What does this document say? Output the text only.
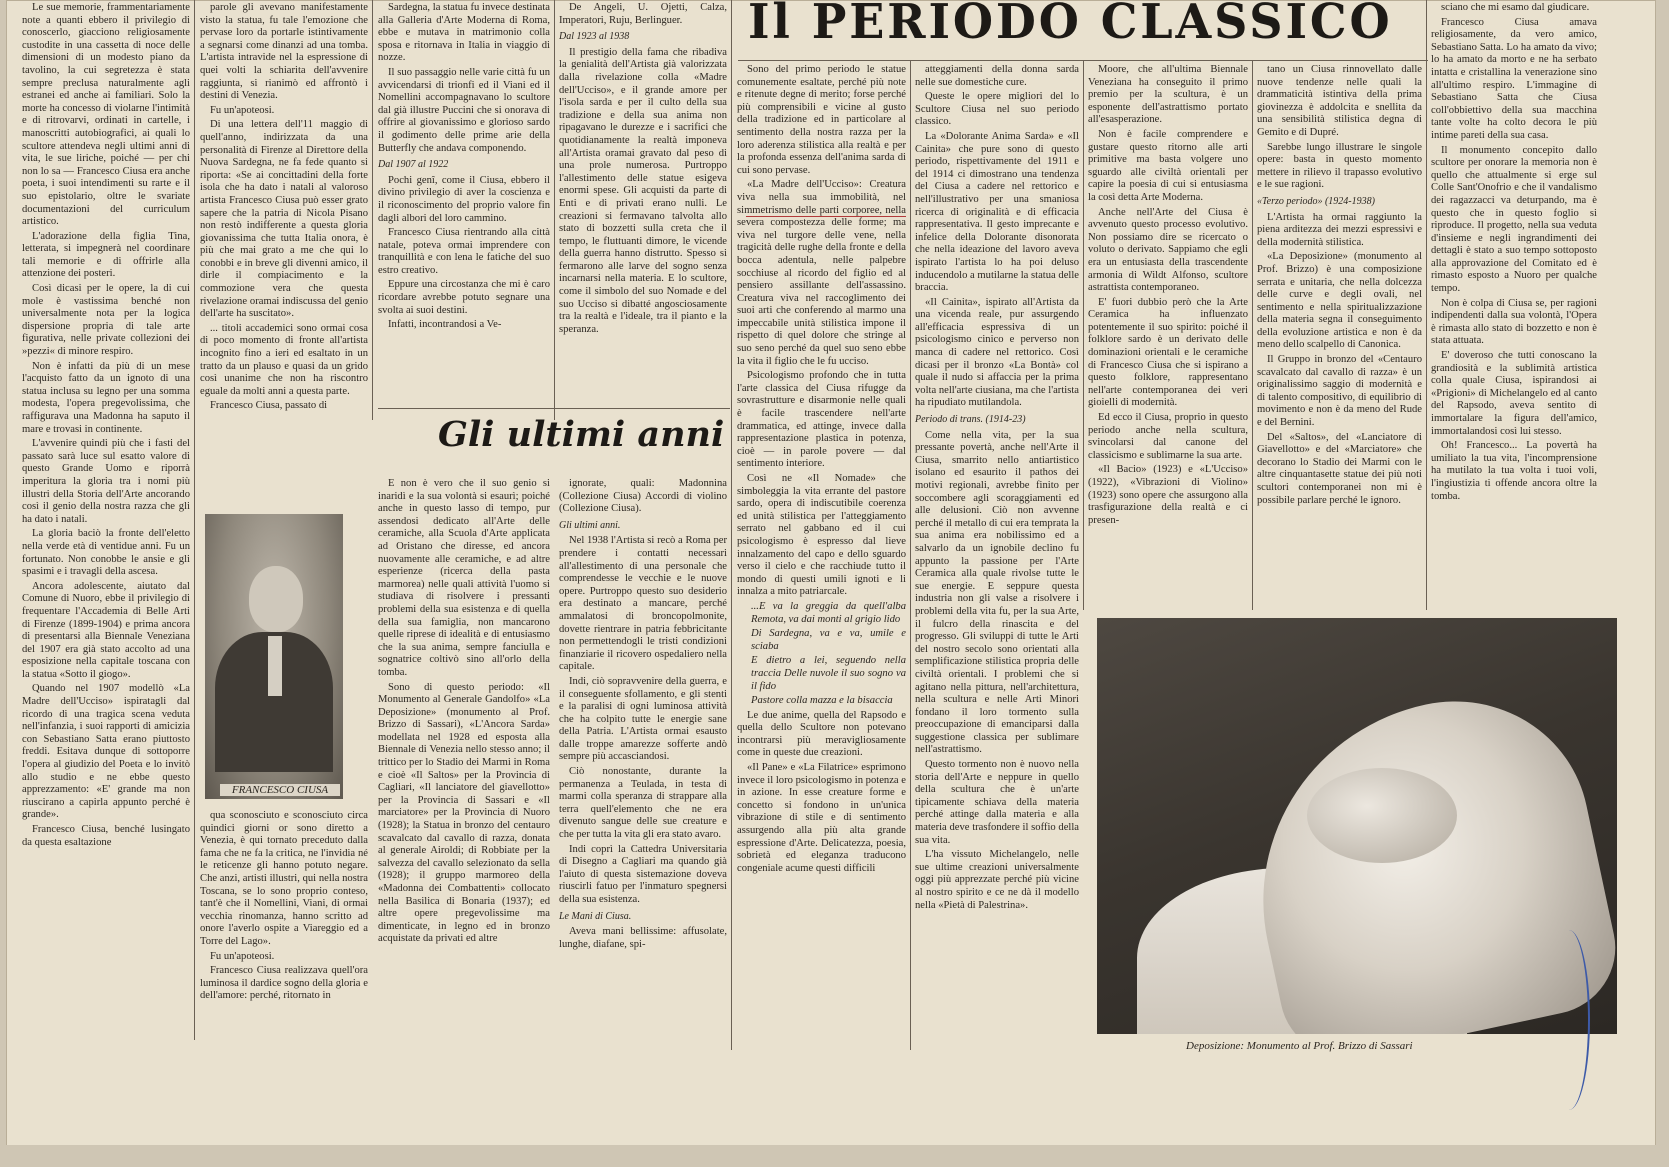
Il PERIODO CLASSICO

Le sue memorie, frammentariamente note a quanti ebbero il privilegio di conoscerlo, giacciono religiosamente custodite in una cassetta di noce delle dimensioni di un modesto piano da tavolino, la cui segretezza è stata sempre preclusa naturalmente agli estranei ed anche ai familiari. Solo la morte ha concesso di violarne l'intimità e di ritrovarvi, ordinati in cartelle, i manoscritti autobiografici, ai quali lo scultore attendeva negli ultimi anni di vita, le sue liriche, poiché — per chi non lo sa — Francesco Ciusa era anche poeta, i suoi intendimenti su rarte e il suo epistolario, oltre le svariate documentazioni del curriculum artistico.

L'adorazione della figlia Tina, letterata, si impegnerà nel coordinare tali memorie e di offrirle alla attenzione dei posteri.

Così dicasi per le opere, la di cui mole è vastissima benché non universalmente nota per la logica dispersione propria di tale arte figurativa, nelle private collezioni dei »pezzi« di minore respiro.

Non è infatti da più di un mese l'acquisto fatto da un ignoto di una statua inclusa su legno per una somma modesta, l'opera pregevolissima, che raffigurava una Madonna ha saputo il mare e trovasi in continente.

L'avvenire quindi più che i fasti del passato sarà luce sul esatto valore di questo Grande Uomo e riporrà imperitura la gloria tra i nomi più illustri della Storia dell'Arte ancorando così il genio della nostra razza che gli ha dato i natali.

La gloria baciò la fronte dell'eletto nella verde età di ventidue anni. Fu un fortunato. Non conobbe le ansie e gli spasimi e i travagli della ascesa.

Ancora adolescente, aiutato dal Comune di Nuoro, ebbe il privilegio di frequentare l'Accademia di Belle Arti di Firenze (1899-1904) e prima ancora di presentarsi alla Biennale Veneziana del 1907 era già stato accolto ad una esposizione nella capitale toscana con la statua «Sotto il giogo».

Quando nel 1907 modellò «La Madre dell'Ucciso» ispiratagli dal ricordo di una tragica scena veduta nell'infanzia, i suoi rapporti di amicizia con Sebastiano Satta erano piuttosto freddi. Esitava dunque di sottoporre l'opera al giudizio del Poeta e lo invitò allo studio e ne ebbe questo apprezzamento: «E' grande ma non riuscirano a capirla appunto perché è grande».

Francesco Ciusa, benché lusingato da questa esaltazione

parole gli avevano manifestamente visto la statua, fu tale l'emozione che pervase loro da portarle istintivamente a segnarsi come dinanzi ad una tomba. L'artista intravide nel la espressione di quei volti la schiarita dell'avvenire raggiunta, si rianimò ed affrontò i destini di Venezia.

Fu un'apoteosi.

Di una lettera dell'11 maggio di quell'anno, indirizzata da una personalità di Firenze al Direttore della Nuova Sardegna, ne fa fede quanto si riporta: «Se ai concittadini della forte isola che ha dato i natali al valoroso artista Francesco Ciusa può esser grato sapere che la patria di Nicola Pisano non restò indifferente a questa gloria giovanissima che tutta Italia onora, è più che mai grato a me che qui lo conobbi e in breve gli divenni amico, il dirle il compiacimento e la commozione vera che questa rivelazione oramai indiscussa del genio dell'arte ha suscitato».

... titoli accademici sono ormai cosa di poco momento di fronte all'artista incognito fino a ieri ed esaltato in un tratto da un plauso e quasi da un grido così unanime che non ha riscontro eguale da molti anni a questa parte.

Francesco Ciusa, passato di

FRANCESCO CIUSA

qua sconosciuto e sconosciuto circa quindici giorni or sono diretto a Venezia, è qui tornato preceduto dalla fama che ne fa la critica, ne l'invidia né le reticenze gli hanno potuto negare. Che anzi, artisti illustri, qui nella nostra Toscana, se lo sono proprio conteso, tant'è che il Nomellini, Viani, di ormai vecchia rinomanza, hanno scritto ad onore l'averlo ospite a Viareggio ed a Torre del Lago».

Fu un'apoteosi.

Francesco Ciusa realizzava quell'ora luminosa il dardice sogno della gloria e dell'amore: perché, ritornato in

Sardegna, la statua fu invece destinata alla Galleria d'Arte Moderna di Roma, ebbe e mutava in matrimonio colla sposa e ritornava in Italia in viaggio di nozze.

Il suo passaggio nelle varie città fu un avvicendarsi di trionfi ed il Viani ed il Nomellini accompagnavano lo scultore dal già illustre Puccini che si onorava di offrire al giovanissimo e glorioso sardo il godimento delle prime arie della Butterfly che andava componendo.

Dal 1907 al 1922

Pochi genî, come il Ciusa, ebbero il divino privilegio di aver la coscienza e il riconoscimento del proprio valore fin dagli albori del loro cammino.

Francesco Ciusa rientrando alla città natale, poteva ormai imprendere con tranquillità e con lena le fatiche del suo estro creativo.

Eppure una circostanza che mi è caro ricordare avrebbe potuto segnare una svolta ai suoi destini.

Infatti, incontrandosi a Ve-

De Angeli, U. Ojetti, Calza, Imperatori, Ruju, Berlinguer.

Dal 1923 al 1938

Il prestigio della fama che ribadiva la genialità dell'Artista già valorizzata dalla rivelazione colla «Madre dell'Ucciso», e il grande amore per l'isola sarda e per il culto della sua tradizione e della sua anima non ripagavano le durezze e i sacrifici che quotidianamente la realtà imponeva all'Artista oramai gravato dal peso di una prole numerosa. Purtroppo l'allestimento delle statue esigeva enormi spese. Gli acquisti da parte di Enti e di privati erano nulli. Le creazioni si fermavano talvolta allo stato di bozzetti sulla creta che il tempo, le fluttuanti dimore, le vicende della guerra hanno distrutto. Spesso si fermarono alle larve del sogno senza incarnarsi nella materia. E lo scultore, come il simbolo del suo Nomade e del suo Ucciso si dibatté angosciosamente tra la realtà e l'ideale, tra il pianto e la speranza.

Gli ultimi anni

E non è vero che il suo genio si inaridì e la sua volontà si esaurì; poiché anche in questo lasso di tempo, pur assendosi dedicato all'Arte delle ceramiche, alla Scuola d'Arte applicata ad Oristano che diresse, ed ancora nuovamente alle ceramiche, e ad altre esperienze (ricerca della pasta marmorea) nelle quali attività l'uomo si studiava di risolvere i pressanti problemi della sua esistenza e di quella della sua famiglia, non mancarono quelle riprese di idealità e di entusiasmo che la sua anima, sempre fanciulla e sognatrice coltivò sino all'orlo della tomba.

Sono di questo periodo: «Il Monumento al Generale Gandolfo» «La Deposizione» (monumento al Prof. Brizzo di Sassari), «L'Ancora Sarda» modellata nel 1928 ed esposta alla Biennale di Venezia nello stesso anno; il trittico per lo Stadio dei Marmi in Roma e cioè «Il Saltos» per la Provincia di Cagliari, «Il lanciatore del giavellotto» per la Provincia di Sassari e «Il marciatore» per la Provincia di Nuoro (1928); la Statua in bronzo del centauro scavalcato dal cavallo di razza, donata al generale Airoldi; di Robbiate per la salvezza del cavallo selezionato da sella (1928); il gruppo marmoreo della «Madonna dei Combattenti» collocato nella Basilica di Bonaria (1937); ed altre opere pregevolissime ma dimenticate, in legno ed in bronzo acquistate da privati ed altre

ignorate, quali: Madonnina (Collezione Ciusa) Accordi di violino (Collezione Ciusa).

Gli ultimi anni.

Nel 1938 l'Artista si recò a Roma per prendere i contatti necessari all'allestimento di una personale che comprendesse le vecchie e le nuove opere. Purtroppo questo suo desiderio era destinato a mancare, perché ammalatosi di broncopolmonite, dovette rientrare in patria febbricitante non permettendogli le tristi condizioni finanziarie il ricovero ospedaliero nella capitale.

Indi, ciò sopravvenire della guerra, e il conseguente sfollamento, e gli stenti e la paralisi di ogni luminosa attività che ha colpito tutte le energie sane della Patria. L'Artista ormai esausto dalle troppe amarezze sofferte andò sempre più accasciandosi.

Ciò nonostante, durante la permanenza a Teulada, in testa di marmi colla speranza di strappare alla terra quell'elemento che ne era divenuto sangue delle sue creature e che per tutta la vita gli era stato avaro.

Indi coprì la Cattedra Universitaria di Disegno a Cagliari ma quando già l'aiuto di questa sistemazione doveva riuscirli fatuo per l'inmaturo spegnersi della sua esistenza.

Le Mani di Ciusa.

Aveva mani bellissime: affusolate, lunghe, diafane, spi-

Sono del primo periodo le statue comunemente esaltate, perché più note e ritenute degne di merito; forse perché più comprensibili e vicine al gusto della tradizione ed in particolare al sentimento della nostra razza per la loro aderenza stilistica alla realtà e per la profonda essenza dell'anima sarda di cui sono pervase.

«La Madre dell'Ucciso»: Creatura viva nella sua immobilità, nel simmetrismo delle parti corporee, nella severa compostezza delle forme; ma viva nel turgore delle vene, nella tragicità delle rughe della fronte e della bocca adentula, nelle palpebre socchiuse al ricordo del figlio ed al pensiero assillante dell'assassino. Creatura viva nel raccoglimento dei suoi arti che conferendo al marmo una impeccabile unità stilistica impone il rispetto di quel dolore che stringe al suo seno perché da quel suo seno ebbe la vita il figlio che le fu ucciso.

Psicologismo profondo che in tutta l'arte classica del Ciusa rifugge da sovrastrutture e disarmonie nelle quali è facile trascendere nell'arte drammatica, ed attinge, invece dalla rappresentazione plastica in potenza, cioè — in parole povere — dal sentimento interiore.

Così ne «Il Nomade» che simboleggia la vita errante del pastore sardo, opera di indiscutibile coerenza ed unità stilistica per l'atteggiamento serrato nel gabbano ed il cui psicologismo è espresso dal lieve innalzamento del capo e dello sguardo verso il cielo e che racchiude tutto il mondo di questi umili ignoti e li innalza a mito patriarcale.

...E va la greggia da quell'alba Remota, va dai monti al grigio lido

Di Sardegna, va e va, umile e sciaba

E dietro a lei, seguendo nella traccia Delle nuvole il suo sogno va il fido

Pastore colla mazza e la bisaccia

Le due anime, quella del Rapsodo e quella dello Scultore non potevano incontrarsi più meravigliosamente come in queste due creazioni.

«Il Pane» e «La Filatrice» esprimono invece il loro psicologismo in potenza e in azione. In esse creature forme e concetto si fondono in un'unica vibrazione di stile e di sentimento assurgendo alla più alta grande espressione d'Arte. Delicatezza, poesia, sobrietà ed eleganza traducono congeniale acume questi difficili

atteggiamenti della donna sarda nelle sue domestiche cure.

Queste le opere migliori del lo Scultore Ciusa nel suo periodo classico.

La «Dolorante Anima Sarda» e «Il Cainita» che pure sono di questo periodo, rispettivamente del 1911 e del 1914 ci dimostrano una tendenza del Ciusa a cadere nel rettorico e nell'illustrativo per una smaniosa ricerca di originalità e di efficacia rappresentativa. Il gesto imprecante e infelice della Dolorante disonorata che nella ideazione del lavoro aveva ispirato l'artista lo ha poi deluso inducendolo a mutilarne la statua delle braccia.

«Il Cainita», ispirato all'Artista da una vicenda reale, pur assurgendo all'efficacia espressiva di un psicologismo cinico e perverso non manca di cadere nel rettorico. Così dicasi per il bronzo «La Bontà» col quale il nudo si affaccia per la prima volta nell'arte ciusiana, ma che l'artista ha ripudiato mutilandola.

Periodo di trans. (1914-23)

Come nella vita, per la sua pressante povertà, anche nell'Arte il Ciusa, smarrito nello antiartistico isolano ed esaurito il pathos dei motivi regionali, avrebbe finito per soccombere agli scoraggiamenti ed alle delusioni. Ciò non avvenne perché il metallo di cui era temprata la sua anima era nobilissimo ed a salvarlo da un ignobile declino fu appunto la passione per l'Arte Ceramica alla quale rivolse tutte le sue energie. E seppure questa industria non gli valse a risolvere i problemi della vita fu, per la sua Arte, il fulcro della rinascita e del progresso. Gli sviluppi di tutte le Arti del nostro secolo sono orientati alla semplificazione stilistica propria delle civiltà orientali. I problemi che si agitano nella pittura, nell'architettura, nella scultura e nelle Arti Minori fondano il loro tormento sulla preoccupazione di emanciparsi dalla suggestione classica per sublimare nell'astrattismo.

Questo tormento non è nuovo nella storia dell'Arte e neppure in quello della scultura che è un'arte tipicamente schiava della materia perché attinge dalla materia e alla materia deve trasfondere il soffio della sua vita.

L'ha vissuto Michelangelo, nelle sue ultime creazioni universalmente oggi più apprezzate perché più vicine al nostro spirito e ce ne dà il modello nella «Pietà di Palestrina».

Moore, che all'ultima Biennale Veneziana ha conseguito il primo premio per la scultura, è un esponente dell'astrattismo portato all'esasperazione.

Non è facile comprendere e gustare questo ritorno alle arti primitive ma basta volgere uno sguardo alle civiltà orientali per capire la poesia di cui si entusiasma la così detta Arte Moderna.

Anche nell'Arte del Ciusa è avvenuto questo processo evolutivo. Non possiamo dire se ricercato o voluto o derivato. Sappiamo che egli era un entusiasta della trascendente armonia di Wildt Alfonso, scultore astrattista contemporaneo.

E' fuori dubbio però che la Arte Ceramica ha influenzato potentemente il suo spirito: poiché il folklore sardo è un derivato delle dominazioni orientali e le ceramiche di Francesco Ciusa che si ispirano a questo folklore, rappresentano nell'arte contemporanea dei veri gioielli di modernità.

Ed ecco il Ciusa, proprio in questo periodo anche nella scultura, svincolarsi dal canone del classicismo e sublimarne la sua arte.

«Il Bacio» (1923) e «L'Ucciso» (1922), «Vibrazioni di Violino» (1923) sono opere che assurgono alla trasfigurazione della realtà e ci presen-

tano un Ciusa rinnovellato dalle nuove tendenze nelle quali la drammaticità istintiva della prima giovinezza è addolcita e snellita da una sensibilità stilistica degna di Gemito e di Dupré.

Sarebbe lungo illustrare le singole opere: basta in questo momento mettere in rilievo il trapasso evolutivo e le sue ragioni.

«Terzo periodo» (1924-1938)

L'Artista ha ormai raggiunto la piena arditezza dei mezzi espressivi e della modernità stilistica.

«La Deposizione» (monumento al Prof. Brizzo) è una composizione serrata e unitaria, che nella dolcezza delle curve e degli ovali, nel sentimento e nella spiritualizzazione della materia segna il conseguimento della evoluzione artistica e non è da meno dello scalpello di Canonica.

Il Gruppo in bronzo del «Centauro scavalcato dal cavallo di razza» è un originalissimo saggio di modernità e di talento compositivo, di equilibrio di movimento e non è da meno del Rude e del Bernini.

Del «Saltos», del «Lanciatore di Giavellotto» e del «Marciatore» che decorano lo Stadio dei Marmi con le altre cinquantasette statue dei più noti scultori contemporanei non mi è possibile parlare perché le ignoro.

sciano che mi esamo dal giudicare.

Francesco Ciusa amava religiosamente, da vero amico, Sebastiano Satta. Lo ha amato da vivo; lo ha amato da morto e ne ha serbato intatta e cristallina la venerazione sino all'ultimo respiro. L'immagine di Sebastiano Satta che Ciusa coll'obbiettivo della sua macchina tante volte ha colto decora le più intime pareti della sua casa.

Il monumento concepito dallo scultore per onorare la memoria non è quello che attualmente si erge sul Colle Sant'Onofrio e che il vandalismo dei ragazzacci va deturpando, ma è questo che in questo foglio si riproduce. Il progetto, nella sua veduta d'insieme e negli ingrandimenti dei dettagli è stato a suo tempo sottoposto alla approvazione del Comitato ed è rimasto esposto a Nuoro per qualche tempo.

Non è colpa di Ciusa se, per ragioni indipendenti dalla sua volontà, l'Opera è rimasta allo stato di bozzetto e non è stata attuata.

E' doveroso che tutti conoscano la grandiosità e la sublimità artistica colla quale Ciusa, ispirandosi ai «Prigioni» di Michelangelo ed al canto del Rapsodo, aveva sentito di immortalare la figura dell'amico, immortalandosi così lui stesso.

Oh! Francesco... La povertà ha umiliato la tua vita, l'incomprensione ha mutilato la tua volta i tuoi voli, l'ingiustizia ti offende ancora oltre la tomba.

Deposizione: Monumento al Prof. Brizzo di Sassari
